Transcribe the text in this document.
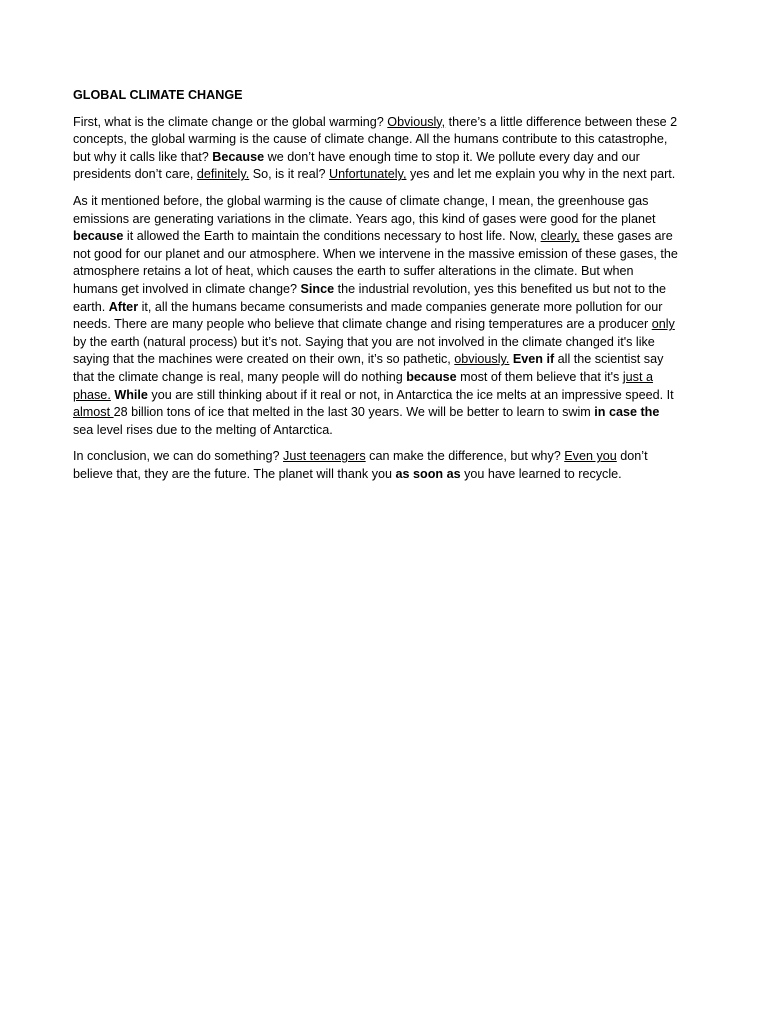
GLOBAL CLIMATE CHANGE

First, what is the climate change or the global warming? Obviously, there’s a little difference between these 2 concepts, the global warming is the cause of climate change. All the humans contribute to this catastrophe, but why it calls like that? Because we don’t have enough time to stop it. We pollute every day and our presidents don’t care, definitely. So, is it real? Unfortunately, yes and let me explain you why in the next part.

As it mentioned before, the global warming is the cause of climate change, I mean, the greenhouse gas emissions are generating variations in the climate. Years ago, this kind of gases were good for the planet because it allowed the Earth to maintain the conditions necessary to host life. Now, clearly, these gases are not good for our planet and our atmosphere. When we intervene in the massive emission of these gases, the atmosphere retains a lot of heat, which causes the earth to suffer alterations in the climate. But when humans get involved in climate change? Since the industrial revolution, yes this benefited us but not to the earth. After it, all the humans became consumerists and made companies generate more pollution for our needs. There are many people who believe that climate change and rising temperatures are a producer only by the earth (natural process) but it’s not. Saying that you are not involved in the climate changed it's like saying that the machines were created on their own, it’s so pathetic, obviously. Even if all the scientist say that the climate change is real, many people will do nothing because most of them believe that it's just a phase. While you are still thinking about if it real or not, in Antarctica the ice melts at an impressive speed. It almost 28 billion tons of ice that melted in the last 30 years. We will be better to learn to swim in case the sea level rises due to the melting of Antarctica.

In conclusion, we can do something? Just teenagers can make the difference, but why? Even you don’t believe that, they are the future. The planet will thank you as soon as you have learned to recycle.
